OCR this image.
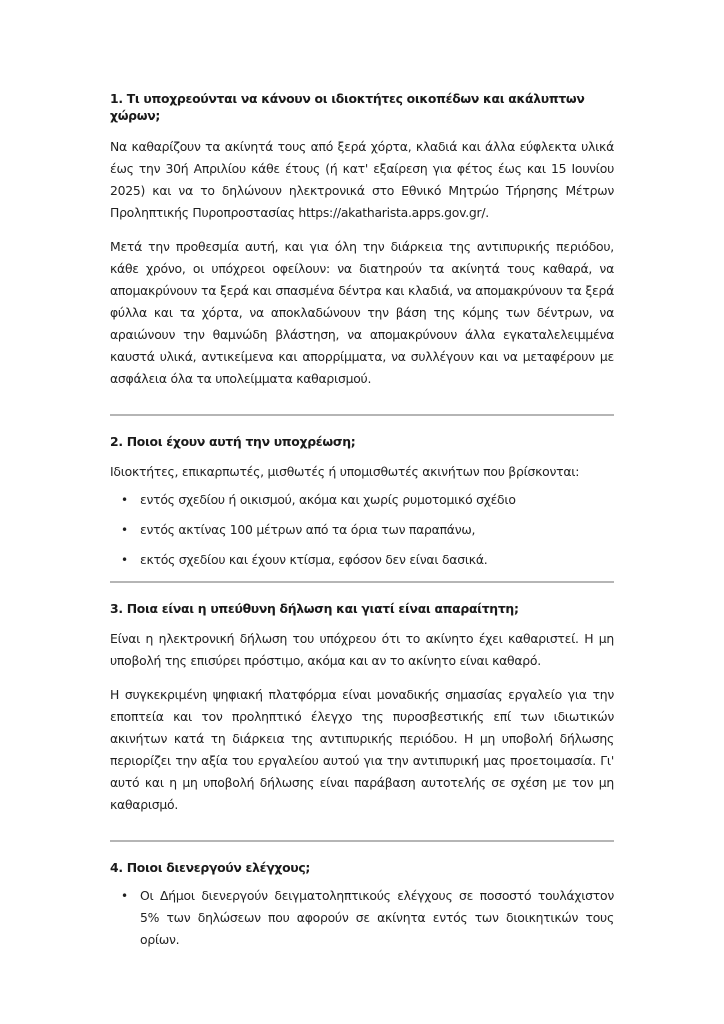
1. Τι υποχρεούνται να κάνουν οι ιδιοκτήτες οικοπέδων και ακάλυπτων χώρων;

Να καθαρίζουν τα ακίνητά τους από ξερά χόρτα, κλαδιά και άλλα εύφλεκτα υλικά έως την 30ή Απριλίου κάθε έτους (ή κατ' εξαίρεση για φέτος έως και 15 Ιουνίου 2025) και να το δηλώνουν ηλεκτρονικά στο Εθνικό Μητρώο Τήρησης Μέτρων Προληπτικής Πυροπροστασίας https://akatharista.apps.gov.gr/.

Μετά την προθεσμία αυτή, και για όλη την διάρκεια της αντιπυρικής περιόδου, κάθε χρόνο, οι υπόχρεοι οφείλουν: να διατηρούν τα ακίνητά τους καθαρά, να απομακρύνουν τα ξερά και σπασμένα δέντρα και κλαδιά, να απομακρύνουν τα ξερά φύλλα και τα χόρτα, να αποκλαδώνουν την βάση της κόμης των δέντρων, να αραιώνουν την θαμνώδη βλάστηση, να απομακρύνουν άλλα εγκαταλελειμμένα καυστά υλικά, αντικείμενα και απορρίμματα, να συλλέγουν και να μεταφέρουν με ασφάλεια όλα τα υπολείμματα καθαρισμού.

2. Ποιοι έχουν αυτή την υποχρέωση;

Ιδιοκτήτες, επικαρπωτές, μισθωτές ή υπομισθωτές ακινήτων που βρίσκονται:

• εντός σχεδίου ή οικισμού, ακόμα και χωρίς ρυμοτομικό σχέδιο
• εντός ακτίνας 100 μέτρων από τα όρια των παραπάνω,
• εκτός σχεδίου και έχουν κτίσμα, εφόσον δεν είναι δασικά.
3. Ποια είναι η υπεύθυνη δήλωση και γιατί είναι απαραίτητη;

Είναι η ηλεκτρονική δήλωση του υπόχρεου ότι το ακίνητο έχει καθαριστεί. Η μη υποβολή της επισύρει πρόστιμο, ακόμα και αν το ακίνητο είναι καθαρό.

Η συγκεκριμένη ψηφιακή πλατφόρμα είναι μοναδικής σημασίας εργαλείο για την εποπτεία και τον προληπτικό έλεγχο της πυροσβεστικής επί των ιδιωτικών ακινήτων κατά τη διάρκεια της αντιπυρικής περιόδου. Η μη υποβολή δήλωσης περιορίζει την αξία του εργαλείου αυτού για την αντιπυρική μας προετοιμασία. Γι' αυτό και η μη υποβολή δήλωσης είναι παράβαση αυτοτελής σε σχέση με τον μη καθαρισμό.

4. Ποιοι διενεργούν ελέγχους;
• Οι Δήμοι διενεργούν δειγματοληπτικούς ελέγχους σε ποσοστό τουλάχιστον 5% των δηλώσεων που αφορούν σε ακίνητα εντός των διοικητικών τους ορίων.
